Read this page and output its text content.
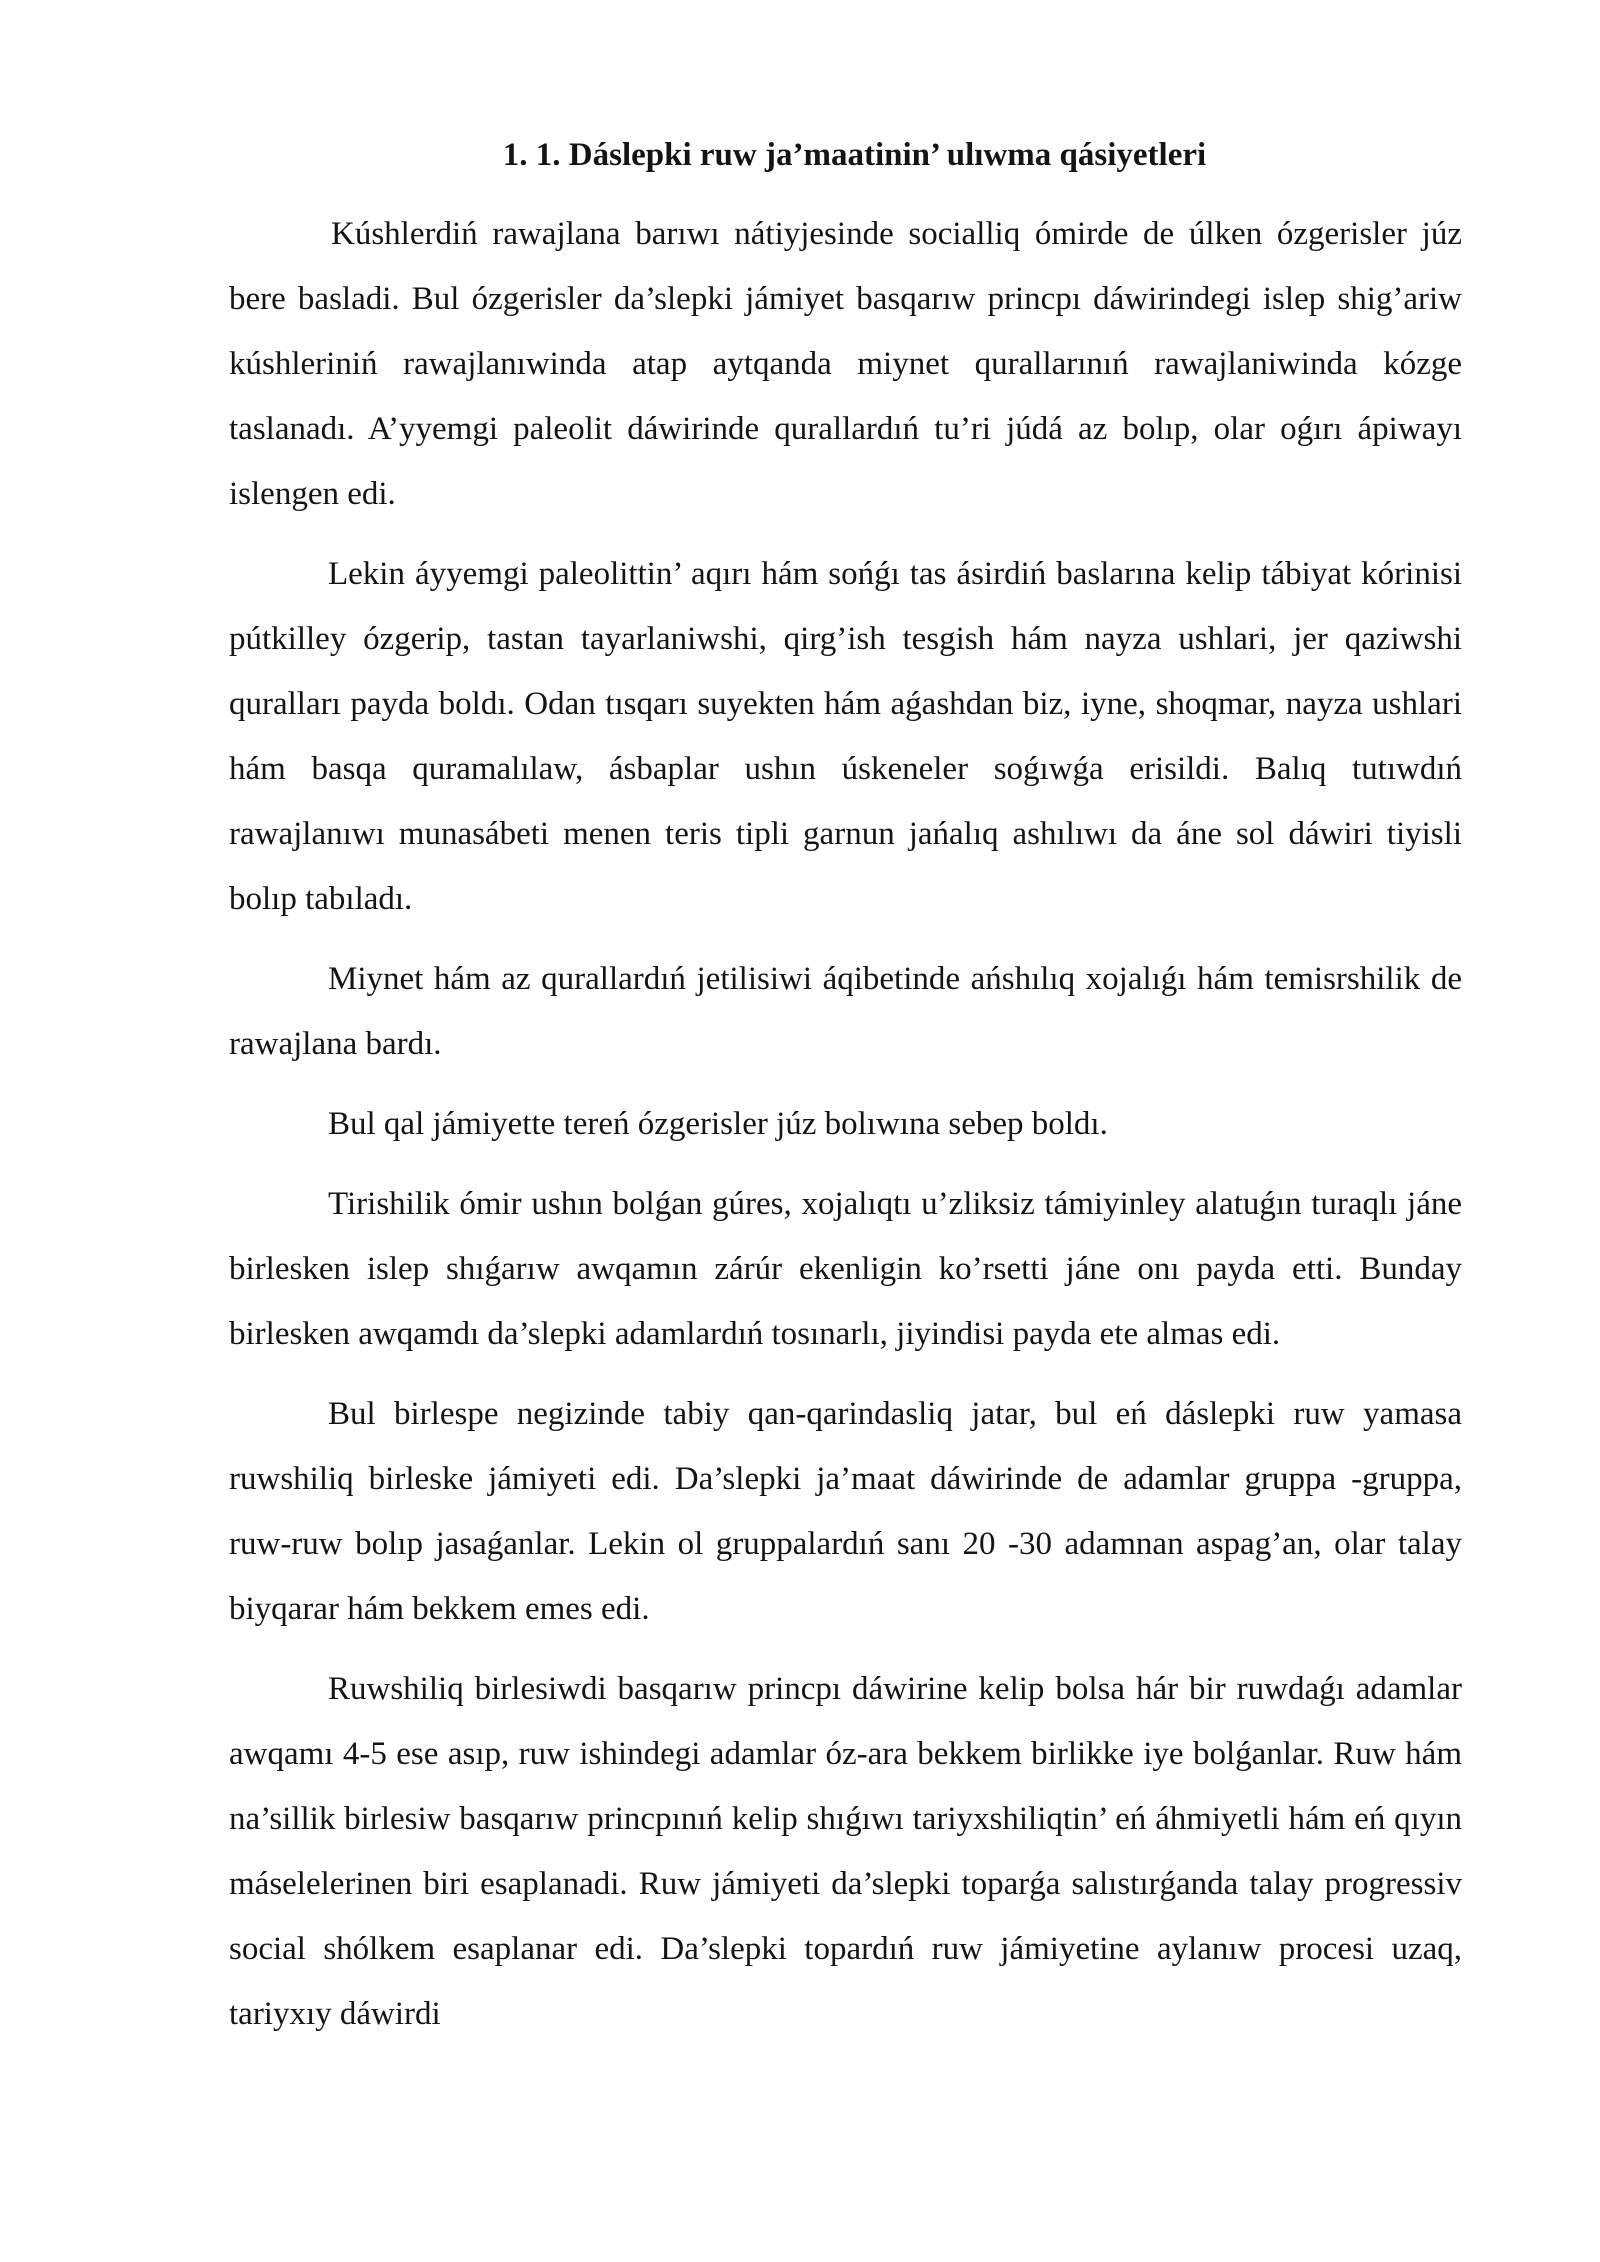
1. 1. Dáslepki ruw ja’maatinin’ ulıwma qásiyetleri

Kúshlerdiń rawajlana barıwı nátiyjesinde socialliq ómirde de úlken ózgerisler júz bere basladi. Bul ózgerisler da’slepki jámiyet basqarıw princpı dáwirindegi islep shig’ariw kúshleriniń rawajlanıwinda atap aytqanda miynet qurallarınıń rawajlaniwinda kózge taslanadı. A’yyemgi paleolit dáwirinde qurallardıń tu’ri júdá az bolıp, olar oǵırı ápiwayı islengen edi.

Lekin áyyemgi paleolittin’ aqırı hám sońǵı tas ásirdiń baslarına kelip tábiyat kórinisi pútkilley ózgerip, tastan tayarlaniwshi, qirg’ish tesgish hám nayza ushlari, jer qaziwshi quralları payda boldı. Odan tısqarı suyekten hám aǵashdan biz, iyne, shoqmar, nayza ushlari hám basqa quramalılaw, ásbaplar ushın úskeneler soǵıwǵa erisildi. Balıq tutıwdıń rawajlanıwı munasábeti menen teris tipli garnun jańalıq ashılıwı da áne sol dáwiri tiyisli bolıp tabıladı.

Miynet hám az qurallardıń jetilisiwi áqibetinde ańshılıq xojalıǵı hám temisrshilik de rawajlana bardı.

Bul qal jámiyette tereń ózgerisler júz bolıwına sebep boldı.

Tirishilik ómir ushın bolǵan gúres, xojalıqtı u’zliksiz támiyinley alatuǵın turaqlı jáne birlesken islep shıǵarıw awqamın zárúr ekenligin ko’rsetti jáne onı payda etti. Bunday birlesken awqamdı da’slepki adamlardıń tosınarlı, jiyindisi payda ete almas edi.

Bul birlespe negizinde tabiy qan-qarindasliq jatar, bul eń dáslepki ruw yamasa ruwshiliq birleske jámiyeti edi. Da’slepki ja’maat dáwirinde de adamlar gruppa -gruppa, ruw-ruw bolıp jasaǵanlar. Lekin ol gruppalardıń sanı 20 -30 adamnan aspag’an, olar talay biyqarar hám bekkem emes edi.

Ruwshiliq birlesiwdi basqarıw princpı dáwirine kelip bolsa hár bir ruwdaǵı adamlar awqamı 4-5 ese asıp, ruw ishindegi adamlar óz-ara bekkem birlikke iye bolǵanlar. Ruw hám na’sillik birlesiw basqarıw princpınıń kelip shıǵıwı tariyxshiliqtin’ eń áhmiyetli hám eń qıyın máselelerinen biri esaplanadi. Ruw jámiyeti da’slepki toparǵa salıstırǵanda talay progressiv social shólkem esaplanar edi. Da’slepki topardıń ruw jámiyetine aylanıw procesi uzaq, tariyxıy dáwirdi
